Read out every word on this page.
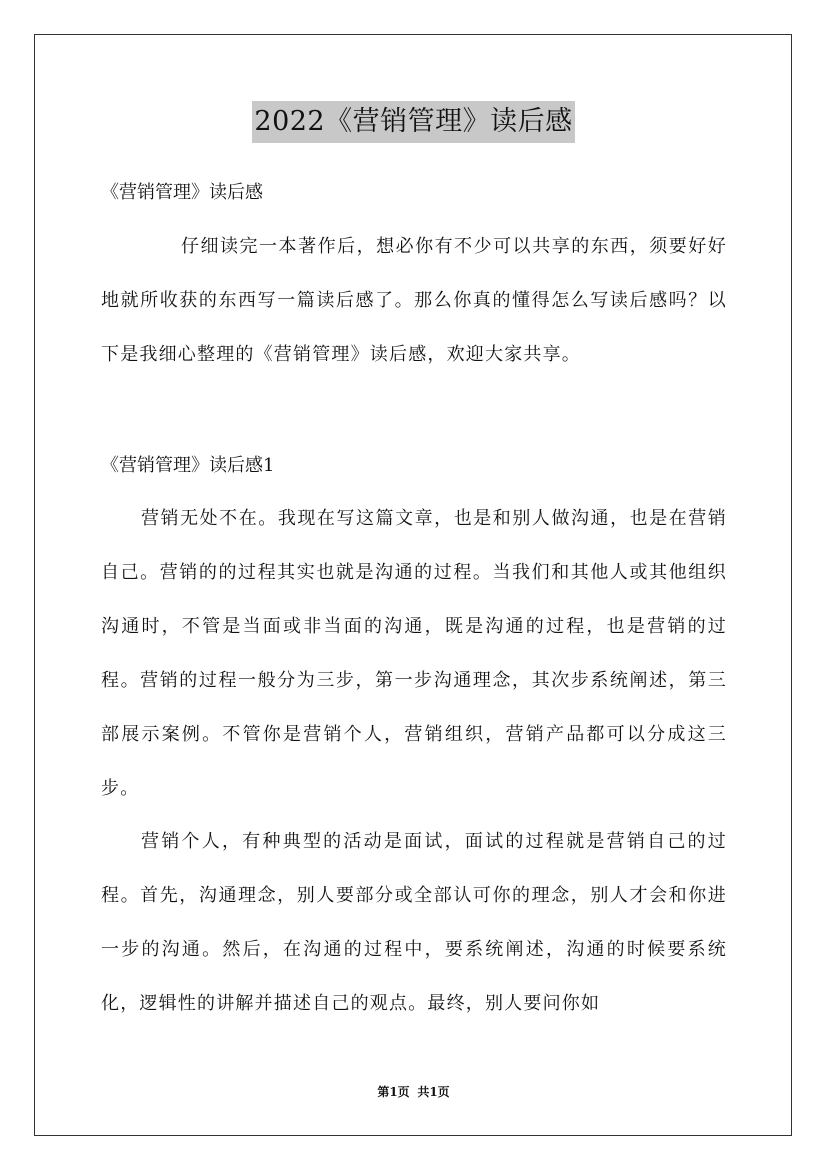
2022《营销管理》读后感
《营销管理》读后感

仔细读完一本著作后，想必你有不少可以共享的东西，须要好好地就所收获的东西写一篇读后感了。那么你真的懂得怎么写读后感吗？以下是我细心整理的《营销管理》读后感，欢迎大家共享。

《营销管理》读后感1

营销无处不在。我现在写这篇文章，也是和别人做沟通，也是在营销自己。营销的的过程其实也就是沟通的过程。当我们和其他人或其他组织沟通时，不管是当面或非当面的沟通，既是沟通的过程，也是营销的过程。营销的过程一般分为三步，第一步沟通理念，其次步系统阐述，第三部展示案例。不管你是营销个人，营销组织，营销产品都可以分成这三步。

营销个人，有种典型的活动是面试，面试的过程就是营销自己的过程。首先，沟通理念，别人要部分或全部认可你的理念，别人才会和你进一步的沟通。然后，在沟通的过程中，要系统阐述，沟通的时候要系统化，逻辑性的讲解并描述自己的观点。最终，别人要问你如

第1页 共1页
